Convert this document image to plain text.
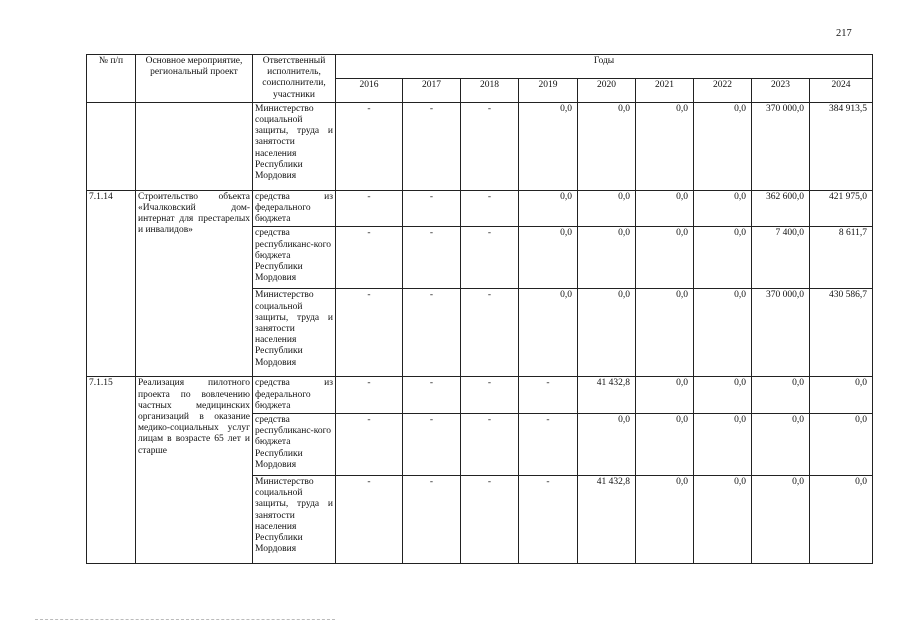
217
№ п/п	Основное мероприятие, региональный проект	Ответственный исполнитель, соисполнители, участники	Годы								
			2016	2017	2018	2019	2020	2021	2022	2023	2024
		Министерство социальной защиты, труда и занятости населения Республики Мордовия	-	-	-	0,0	0,0	0,0	0,0	370 000,0	384 913,5
7.1.14	Строительство объекта «Ичалковский дом-интернат для престарелых и инвалидов»	средства из федерального бюджета	-	-	-	0,0	0,0	0,0	0,0	362 600,0	421 975,0
		средства республиканс-кого бюджета Республики Мордовия	-	-	-	0,0	0,0	0,0	0,0	7 400,0	8 611,7
		Министерство социальной защиты, труда и занятости населения Республики Мордовия	-	-	-	0,0	0,0	0,0	0,0	370 000,0	430 586,7
7.1.15	Реализация пилотного проекта по вовлечению частных медицинских организаций в оказание медико-социальных услуг лицам в возрасте 65 лет и старше	средства из федерального бюджета	-	-	-	-	41 432,8	0,0	0,0	0,0	0,0
		средства республиканс-кого бюджета Республики Мордовия	-	-	-	-	0,0	0,0	0,0	0,0	0,0
		Министерство социальной защиты, труда и занятости населения Республики Мордовия	-	-	-	-	41 432,8	0,0	0,0	0,0	0,0
